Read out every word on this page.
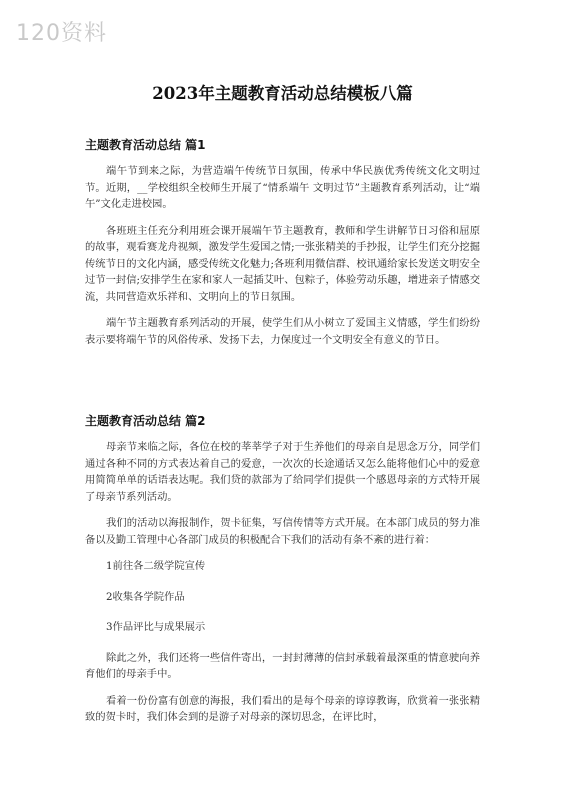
120资料
2023年主题教育活动总结模板八篇
主题教育活动总结 篇1

端午节到来之际，为营造端午传统节日氛围，传承中华民族优秀传统文化文明过节。近期，__学校组织全校师生开展了“情系端午 文明过节”主题教育系列活动，让“端午”文化走进校园。

各班班主任充分利用班会课开展端午节主题教育，教师和学生讲解节日习俗和屈原的故事，观看赛龙舟视频，激发学生爱国之情;一张张精美的手抄报，让学生们充分挖掘传统节日的文化内涵，感受传统文化魅力;各班利用微信群、校讯通给家长发送文明安全过节一封信;安排学生在家和家人一起插艾叶、包粽子，体验劳动乐趣，增进亲子情感交流，共同营造欢乐祥和、文明向上的节日氛围。

端午节主题教育系列活动的开展，使学生们从小树立了爱国主义情感，学生们纷纷表示要将端午节的风俗传承、发扬下去，力保度过一个文明安全有意义的节日。

主题教育活动总结 篇2

母亲节来临之际，各位在校的莘莘学子对于生养他们的母亲自是思念万分，同学们通过各种不同的方式表达着自己的爱意，一次次的长途通话又怎么能将他们心中的爱意用简简单单的话语表达呢。我们贷的款部为了给同学们提供一个感恩母亲的方式特开展了母亲节系列活动。

我们的活动以海报制作，贺卡征集，写信传情等方式开展。在本部门成员的努力准备以及勤工管理中心各部门成员的积极配合下我们的活动有条不紊的进行着：

1前往各二级学院宣传
2收集各学院作品
3作品评比与成果展示

除此之外，我们还将一些信件寄出，一封封薄薄的信封承载着最深重的情意驶向养育他们的母亲手中。

看着一份份富有创意的海报，我们看出的是每个母亲的谆谆教诲，欣赏着一张张精致的贺卡时，我们体会到的是游子对母亲的深切思念，在评比时，
